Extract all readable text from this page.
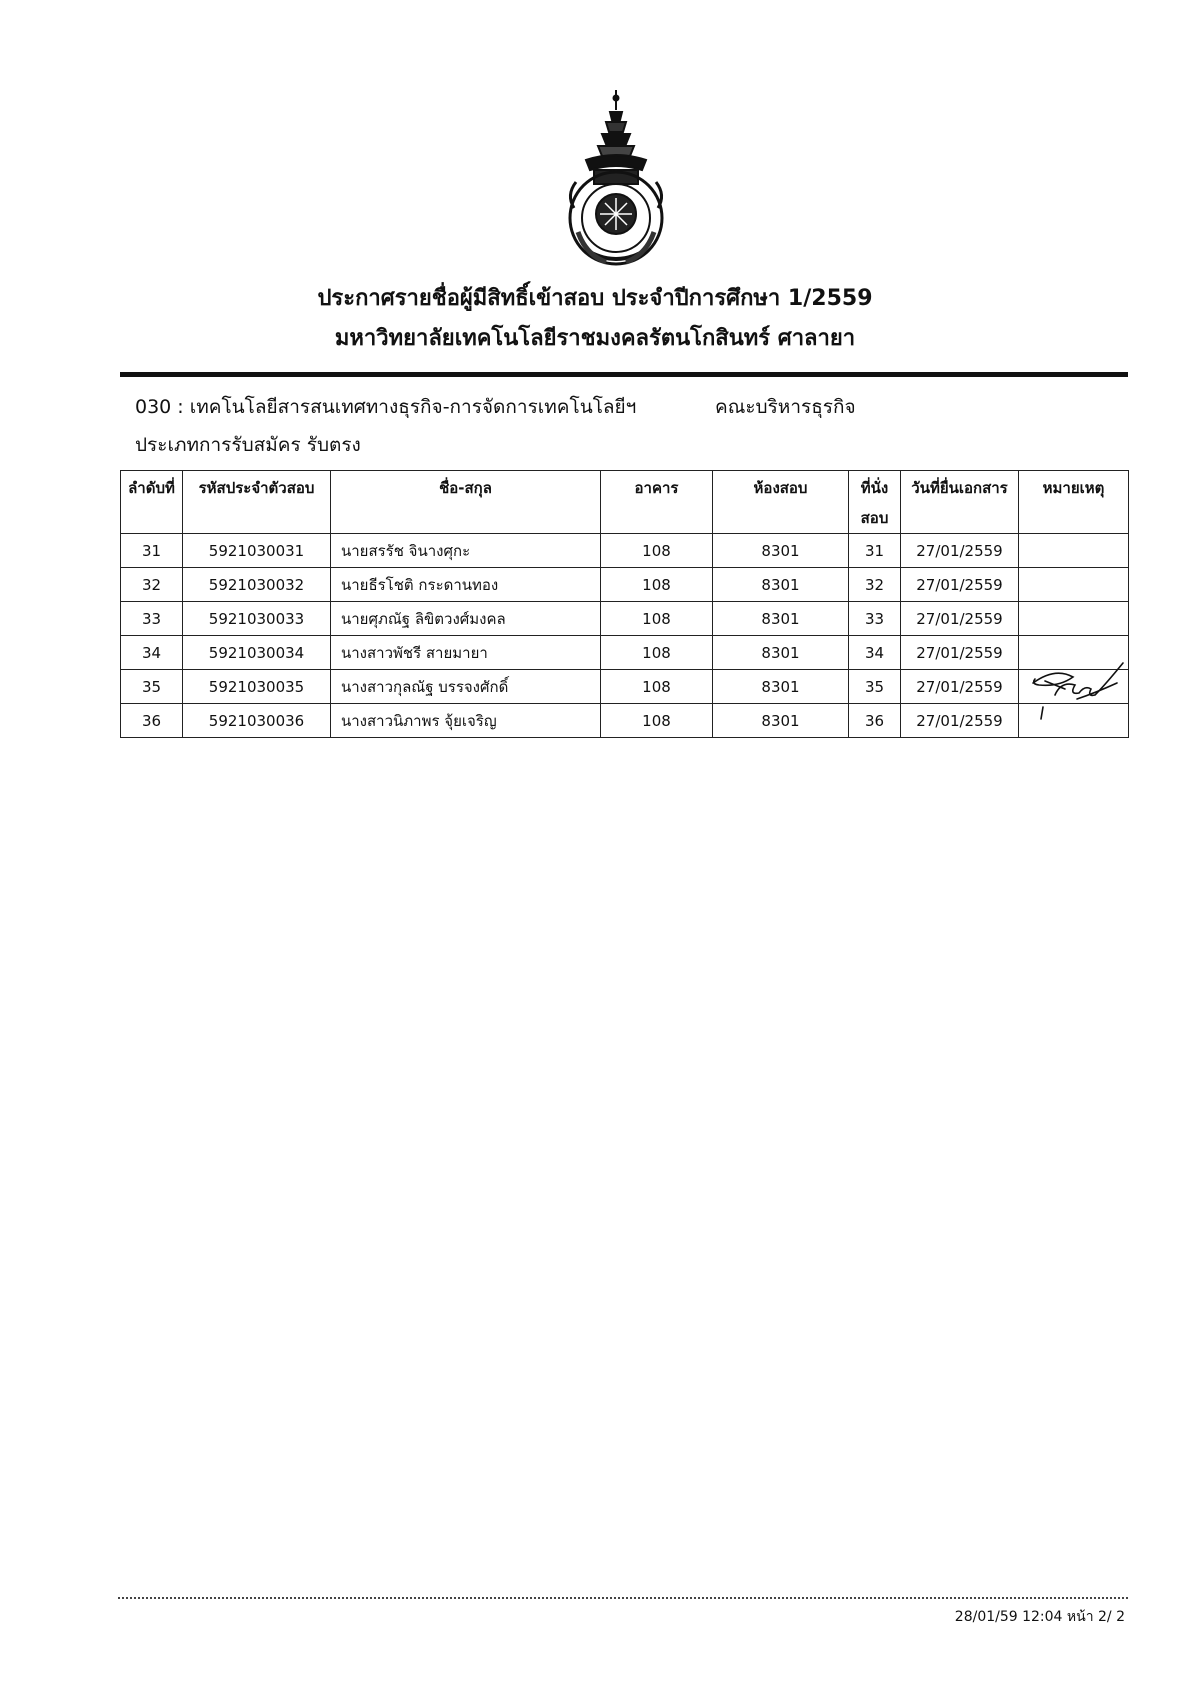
ประกาศรายชื่อผู้มีสิทธิ์เข้าสอบ ประจำปีการศึกษา 1/2559
มหาวิทยาลัยเทคโนโลยีราชมงคลรัตนโกสินทร์ ศาลายา
030 : เทคโนโลยีสารสนเทศทางธุรกิจ-การจัดการเทคโนโลยีฯ	คณะบริหารธุรกิจ
ประเภทการรับสมัคร รับตรง
ลำดับที่	รหัสประจำตัวสอบ	ชื่อ-สกุล	อาคาร	ห้องสอบ	ที่นั่งสอบ	วันที่ยื่นเอกสาร	หมายเหตุ
31	5921030031	นายสรรัช จินางศุกะ	108	8301	31	27/01/2559	
32	5921030032	นายธีรโชติ กระดานทอง	108	8301	32	27/01/2559	
33	5921030033	นายศุภณัฐ ลิขิตวงศ์มงคล	108	8301	33	27/01/2559	
34	5921030034	นางสาวพัชรี สายมายา	108	8301	34	27/01/2559	
35	5921030035	นางสาวกุลณัฐ บรรจงศักดิ์	108	8301	35	27/01/2559	
36	5921030036	นางสาวนิภาพร จุ้ยเจริญ	108	8301	36	27/01/2559	
28/01/59 12:04 หน้า 2/ 2
